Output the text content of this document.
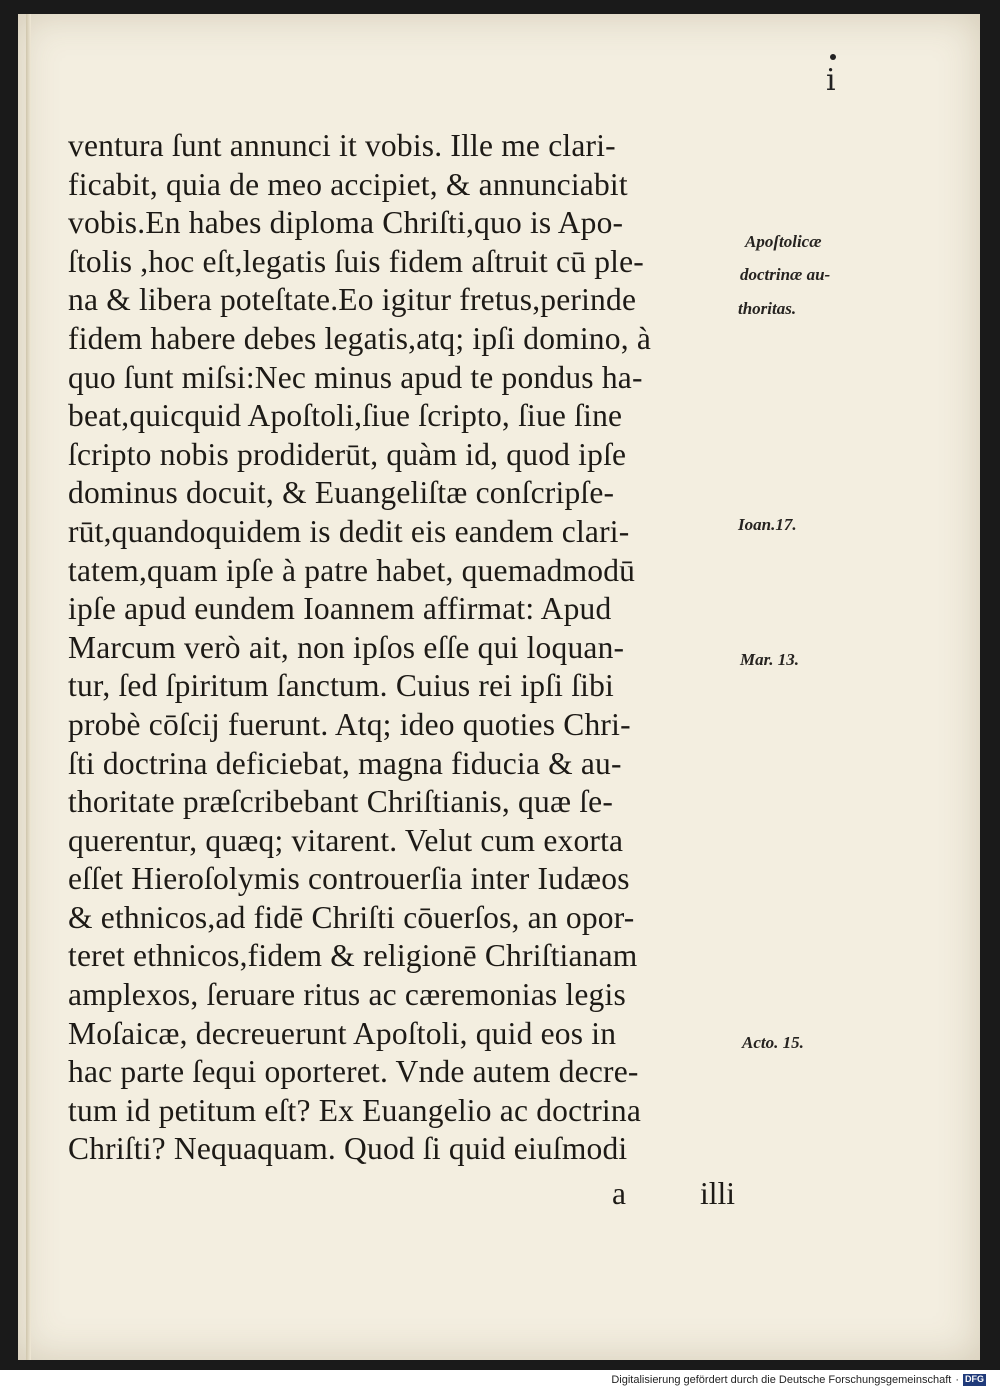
i
ventura ſunt annunci it vobis. Ille me clari-
ficabit, quia de meo accipiet, & annunciabit
vobis.En habes diploma Chriſti,quo is Apo-
ſtolis ,hoc eſt,legatis ſuis fidem aſtruit cū ple-
na & libera poteſtate.Eo igitur fretus,perinde
fidem habere debes legatis,atq; ipſi domino, à
quo ſunt miſsi:Nec minus apud te pondus ha-
beat,quicquid Apoſtoli,ſiue ſcripto, ſiue ſine
ſcripto nobis prodiderūt, quàm id, quod ipſe
dominus docuit, & Euangeliſtæ conſcripſe-
rūt,quandoquidem is dedit eis eandem clari-
tatem,quam ipſe à patre habet, quemadmodū
ipſe apud eundem Ioannem affirmat: Apud
Marcum verò ait, non ipſos eſſe qui loquan-
tur, ſed ſpiritum ſanctum. Cuius rei ipſi ſibi
probè cōſcij fuerunt. Atq; ideo quoties Chri-
ſti doctrina deficiebat, magna fiducia & au-
thoritate præſcribebant Chriſtianis, quæ ſe-
querentur, quæq; vitarent. Velut cum exorta
eſſet Hieroſolymis controuerſia inter Iudæos
& ethnicos,ad fidē Chriſti cōuerſos, an opor-
teret ethnicos,fidem & religionē Chriſtianam
amplexos, ſeruare ritus ac cæremonias legis
Moſaicæ, decreuerunt Apoſtoli, quid eos in
hac parte ſequi oporteret. Vnde autem decre-
tum id petitum eſt? Ex Euangelio ac doctrina
Chriſti? Nequaquam. Quod ſi quid eiuſmodi
a illi
Apoſtolicæ
doctrinæ au-
thoritas.
Ioan.17.
Mar. 13.
Acto. 15.
Digitalisierung gefördert durch die Deutsche Forschungsgemeinschaft · DFG
